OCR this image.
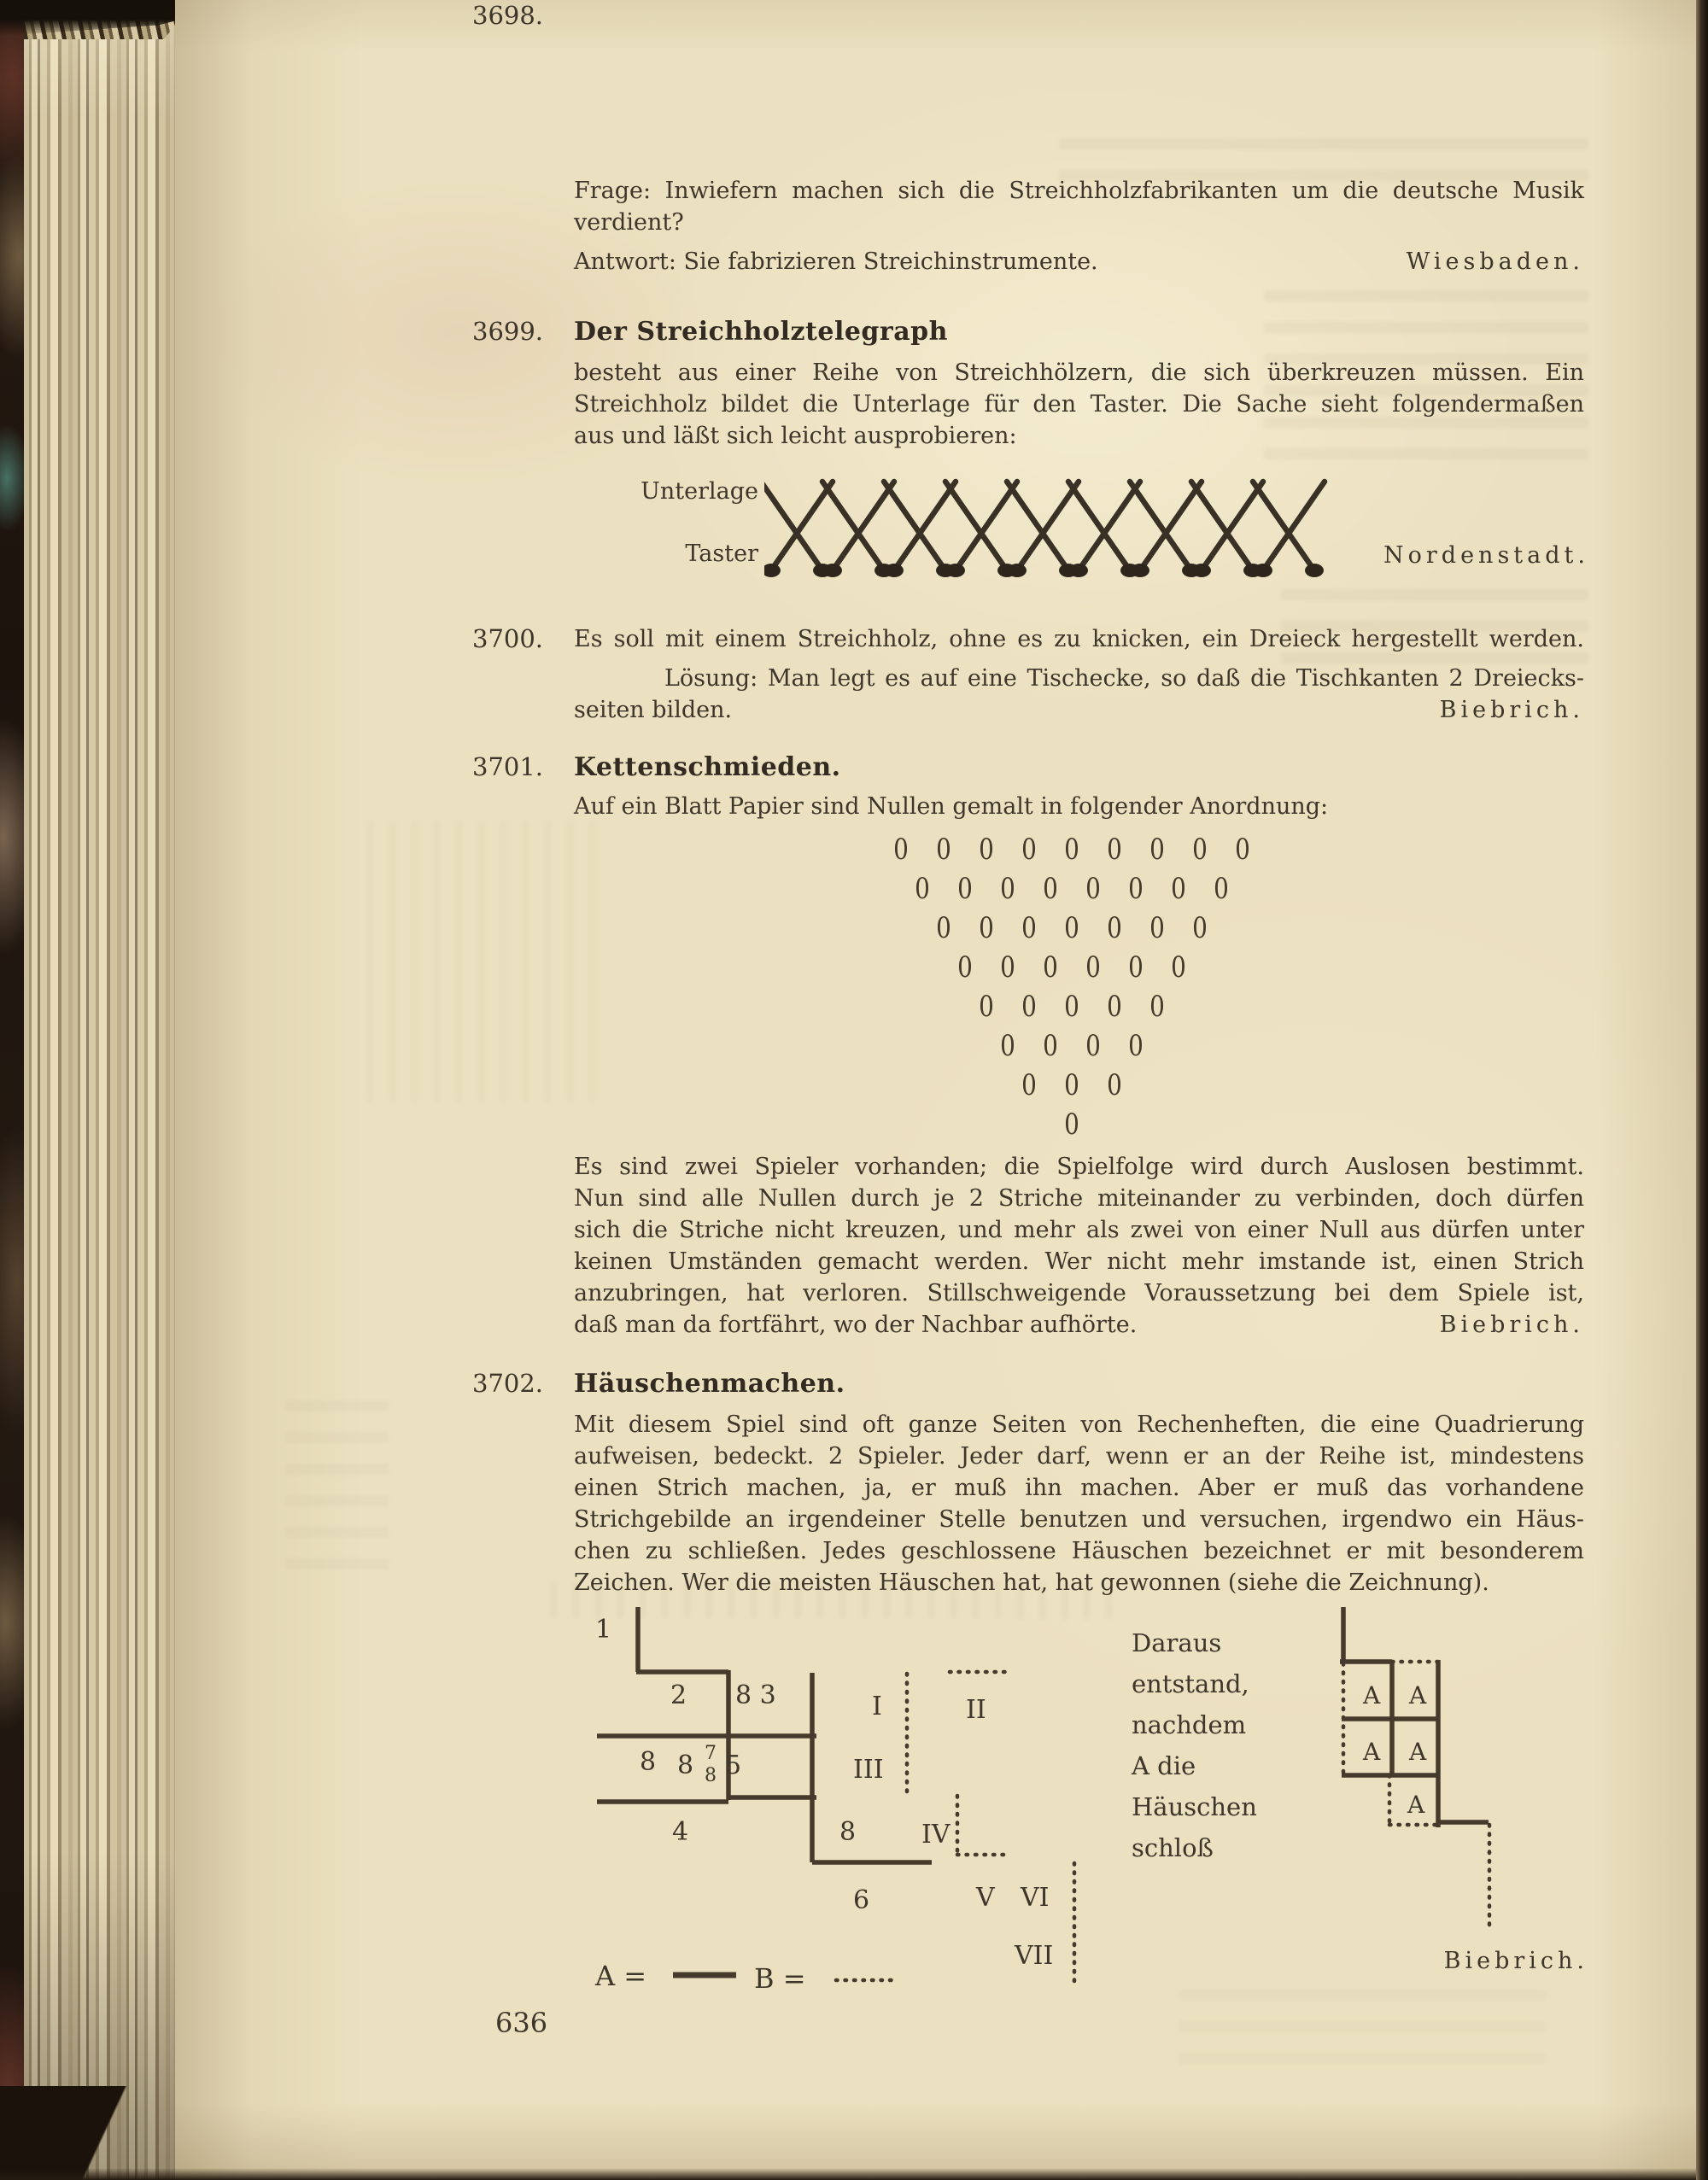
3698.
Frage: Inwiefern machen sich die Streichholzfabrikanten um die deutsche Musik
verdient?
Antwort: Sie fabrizieren Streichinstrumente.	Wiesbaden.
3699.	Der Streichholztelegraph
besteht aus einer Reihe von Streichhölzern, die sich überkreuzen müssen. Ein
Streichholz bildet die Unterlage für den Taster. Die Sache sieht folgendermaßen
aus und läßt sich leicht ausprobieren:
Unterlage
Taster	Nordenstadt.
3700.	Es soll mit einem Streichholz, ohne es zu knicken, ein Dreieck hergestellt werden.
Lösung: Man legt es auf eine Tischecke, so daß die Tischkanten 2 Dreiecks-
seiten bilden.	Biebrich.
3701.	Kettenschmieden.
Auf ein Blatt Papier sind Nullen gemalt in folgender Anordnung:
0 0 0 0 0 0 0 0 0
0 0 0 0 0 0 0 0
0 0 0 0 0 0 0
0 0 0 0 0 0
0 0 0 0 0
0 0 0 0
0 0 0
0
Es sind zwei Spieler vorhanden; die Spielfolge wird durch Auslosen bestimmt.
Nun sind alle Nullen durch je 2 Striche miteinander zu verbinden, doch dürfen
sich die Striche nicht kreuzen, und mehr als zwei von einer Null aus dürfen unter
keinen Umständen gemacht werden. Wer nicht mehr imstande ist, einen Strich
anzubringen, hat verloren. Stillschweigende Voraussetzung bei dem Spiele ist,
daß man da fortfährt, wo der Nachbar aufhörte.	Biebrich.
3702.	Häuschenmachen.
Mit diesem Spiel sind oft ganze Seiten von Rechenheften, die eine Quadrierung
aufweisen, bedeckt. 2 Spieler. Jeder darf, wenn er an der Reihe ist, mindestens
einen Strich machen, ja, er muß ihn machen. Aber er muß das vorhandene
Strichgebilde an irgendeiner Stelle benutzen und versuchen, irgendwo ein Häus-
chen zu schließen. Jedes geschlossene Häuschen bezeichnet er mit besonderem
Zeichen. Wer die meisten Häuschen hat, hat gewonnen (siehe die Zeichnung).
1
2 8 3
8 8 7
8 5
4	8
6
I	II
III
IV
V VI
VII
A =	B =
Daraus
entstand,
nachdem
A die
Häuschen
schloß
A A
A A
A
Biebrich.
636
